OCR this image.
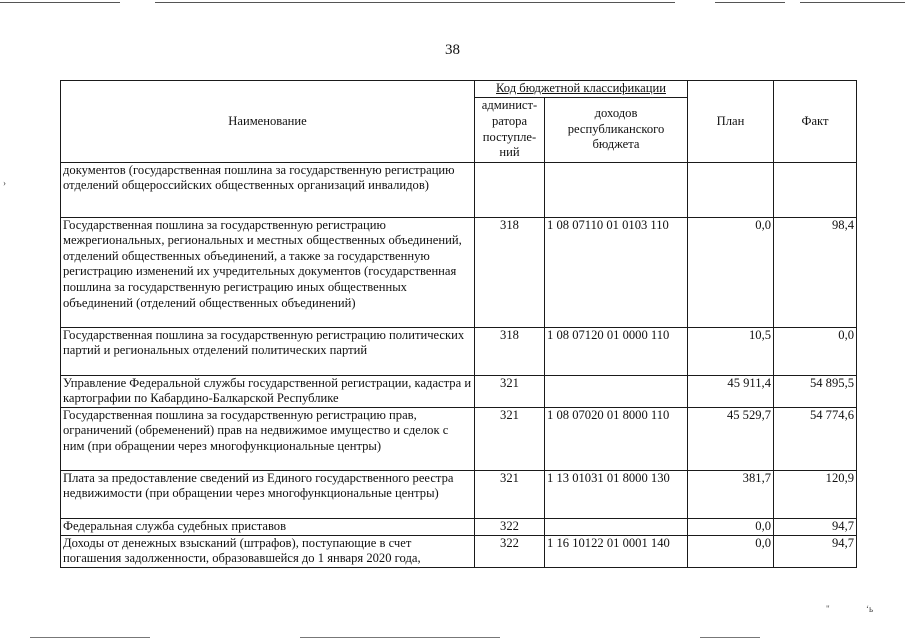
38
›
"	‘ь
Наименование	Код бюджетной классификации		План	Факт
	админист-ратора поступле-ний	доходов республиканского бюджета		
документов (государственная пошлина за государственную регистрацию отделений общероссийских общественных организаций инвалидов)				
Государственная пошлина за государственную регистрацию межрегиональных, региональных и местных общественных объединений, отделений общественных объединений, а также за государственную регистрацию изменений их учредительных документов (государственная пошлина за государственную регистрацию иных общественных объединений (отделений общественных объединений)	318	1 08 07110 01 0103 110	0,0	98,4
Государственная пошлина за государственную регистрацию политических партий и региональных отделений политических партий	318	1 08 07120 01 0000 110	10,5	0,0
Управление Федеральной службы государственной регистрации, кадастра и картографии по Кабардино-Балкарской Республике	321		45 911,4	54 895,5
Государственная пошлина за государственную регистрацию прав, ограничений (обременений) прав на недвижимое имущество и сделок с ним (при обращении через многофункциональные центры)	321	1 08 07020 01 8000 110	45 529,7	54 774,6
Плата за предоставление сведений из Единого государственного реестра недвижимости (при обращении через многофункциональные центры)	321	1 13 01031 01 8000 130	381,7	120,9
Федеральная служба судебных приставов	322		0,0	94,7
Доходы от денежных взысканий (штрафов), поступающие в счет погашения задолженности, образовавшейся до 1 января 2020 года,	322	1 16 10122 01 0001 140	0,0	94,7
